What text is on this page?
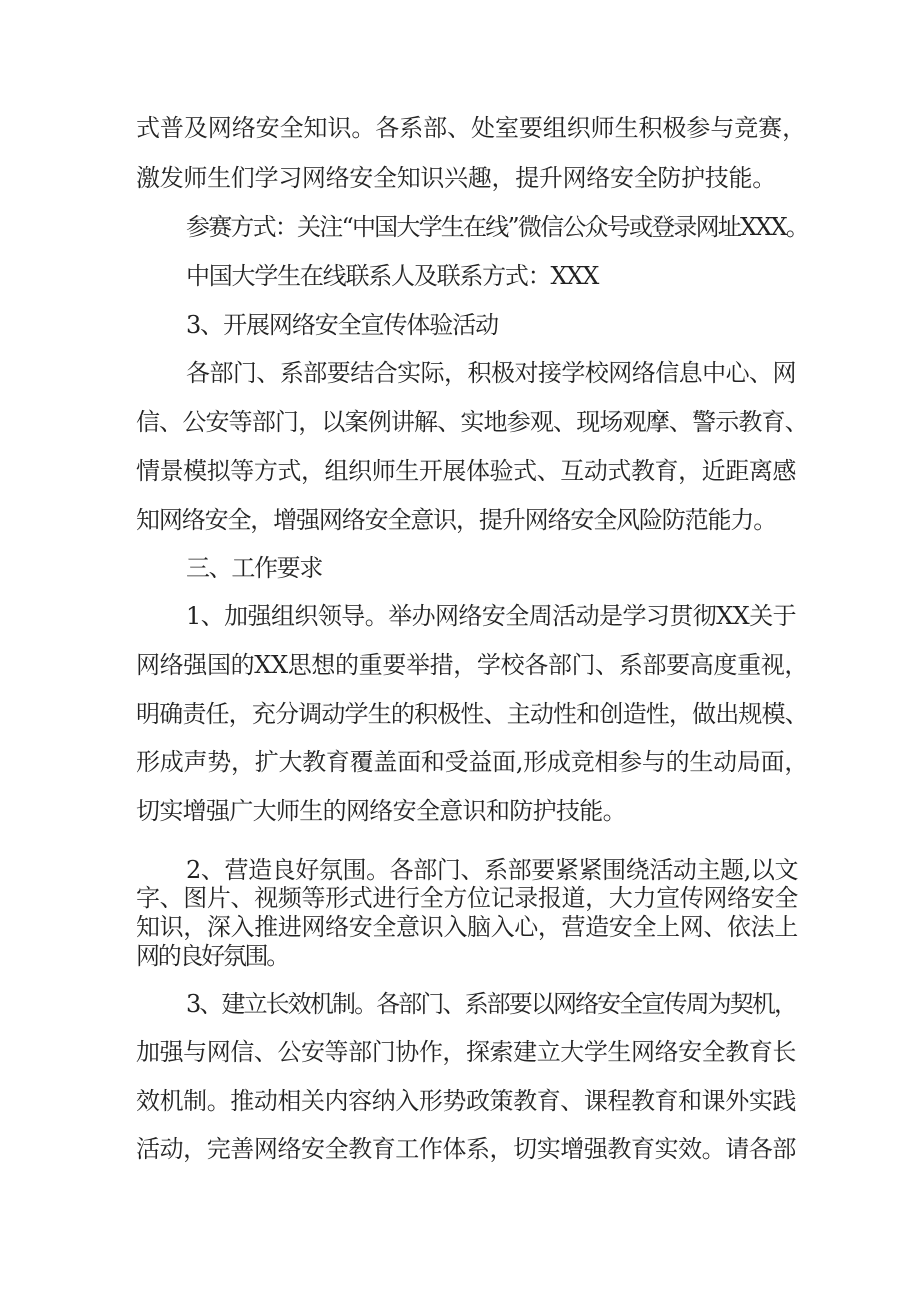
式普及网络安全知识。各系部、处室要组织师生积极参与竞赛，
激发师生们学习网络安全知识兴趣，提升网络安全防护技能。
参赛方式：关注“中国大学生在线”微信公众号或登录网址XXX。
中国大学生在线联系人及联系方式：XXX
3、开展网络安全宣传体验活动
各部门、系部要结合实际，积极对接学校网络信息中心、网
信、公安等部门，以案例讲解、实地参观、现场观摩、警示教育、
情景模拟等方式，组织师生开展体验式、互动式教育，近距离感
知网络安全，增强网络安全意识，提升网络安全风险防范能力。
三、工作要求
1、加强组织领导。举办网络安全周活动是学习贯彻XX关于
网络强国的XX思想的重要举措，学校各部门、系部要高度重视，
明确责任，充分调动学生的积极性、主动性和创造性，做出规模、
形成声势，扩大教育覆盖面和受益面,形成竞相参与的生动局面，
切实增强广大师生的网络安全意识和防护技能。
2、营造良好氛围。各部门、系部要紧紧围绕活动主题,以文
字、图片、视频等形式进行全方位记录报道，大力宣传网络安全
知识，深入推进网络安全意识入脑入心，营造安全上网、依法上
网的良好氛围。
3、建立长效机制。各部门、系部要以网络安全宣传周为契机，
加强与网信、公安等部门协作，探索建立大学生网络安全教育长
效机制。推动相关内容纳入形势政策教育、课程教育和课外实践
活动，完善网络安全教育工作体系，切实增强教育实效。请各部
